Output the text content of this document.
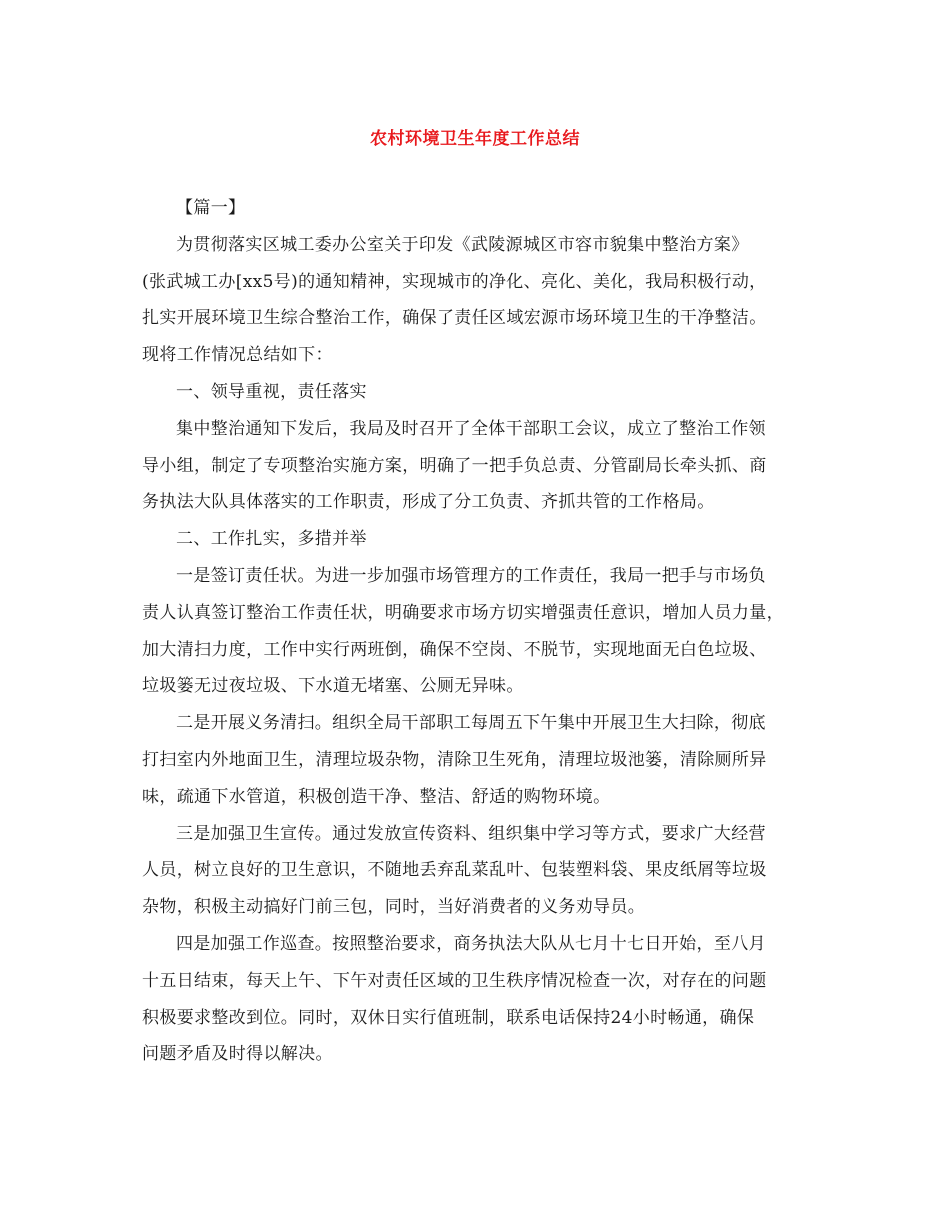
农村环境卫生年度工作总结
【篇一】
为贯彻落实区城工委办公室关于印发《武陵源城区市容市貌集中整治方案》
(张武城工办[xx5号)的通知精神，实现城市的净化、亮化、美化，我局积极行动，
扎实开展环境卫生综合整治工作，确保了责任区域宏源市场环境卫生的干净整洁。
现将工作情况总结如下：
一、领导重视，责任落实
集中整治通知下发后，我局及时召开了全体干部职工会议，成立了整治工作领
导小组，制定了专项整治实施方案，明确了一把手负总责、分管副局长牵头抓、商
务执法大队具体落实的工作职责，形成了分工负责、齐抓共管的工作格局。
二、工作扎实，多措并举
一是签订责任状。为进一步加强市场管理方的工作责任，我局一把手与市场负
责人认真签订整治工作责任状，明确要求市场方切实增强责任意识，增加人员力量，
加大清扫力度，工作中实行两班倒，确保不空岗、不脱节，实现地面无白色垃圾、
垃圾篓无过夜垃圾、下水道无堵塞、公厕无异味。
二是开展义务清扫。组织全局干部职工每周五下午集中开展卫生大扫除，彻底
打扫室内外地面卫生，清理垃圾杂物，清除卫生死角，清理垃圾池篓，清除厕所异
味，疏通下水管道，积极创造干净、整洁、舒适的购物环境。
三是加强卫生宣传。通过发放宣传资料、组织集中学习等方式，要求广大经营
人员，树立良好的卫生意识，不随地丢弃乱菜乱叶、包装塑料袋、果皮纸屑等垃圾
杂物，积极主动搞好门前三包，同时，当好消费者的义务劝导员。
四是加强工作巡查。按照整治要求，商务执法大队从七月十七日开始，至八月
十五日结束，每天上午、下午对责任区域的卫生秩序情况检查一次，对存在的问题
积极要求整改到位。同时，双休日实行值班制，联系电话保持24小时畅通，确保
问题矛盾及时得以解决。
